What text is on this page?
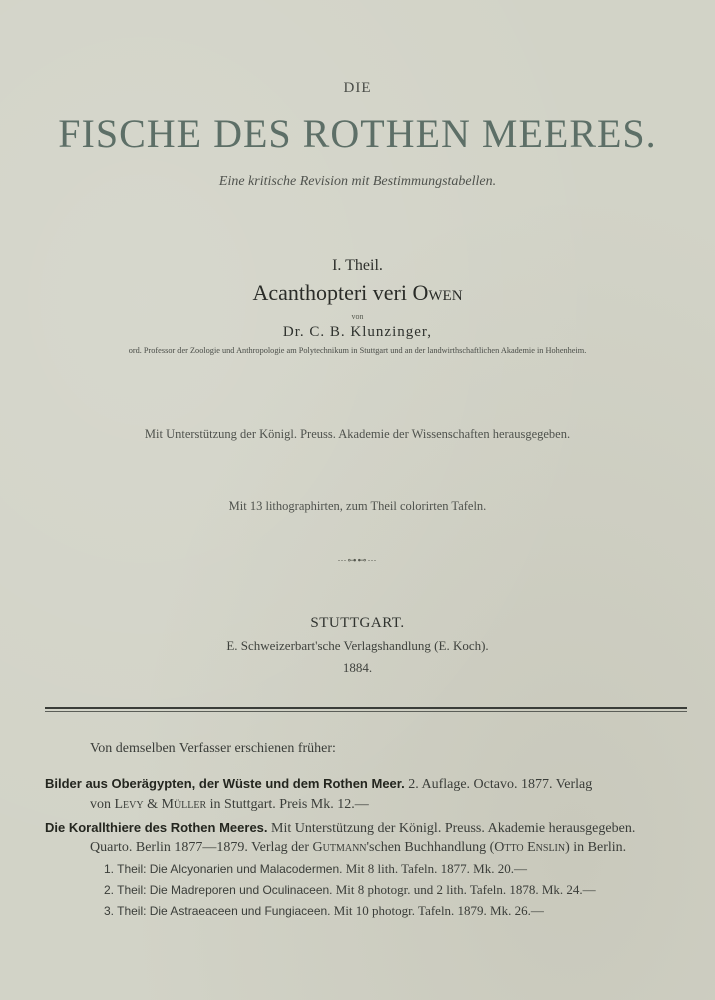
DIE
FISCHE DES ROTHEN MEERES.
Eine kritische Revision mit Bestimmungstabellen.
I. Theil.
Acanthopteri veri Owen
von
Dr. C. B. Klunzinger,
ord. Professor der Zoologie und Anthropologie am Polytechnikum in Stuttgart und an der landwirthschaftlichen Akademie in Hohenheim.
Mit Unterstützung der Königl. Preuss. Akademie der Wissenschaften herausgegeben.
Mit 13 lithographirten, zum Theil colorirten Tafeln.
⋯⊶⊷⋯
STUTTGART.
E. Schweizerbart'sche Verlagshandlung (E. Koch).
1884.
Von demselben Verfasser erschienen früher:
Bilder aus Oberägypten, der Wüste und dem Rothen Meer. 2. Auflage. Octavo. 1877. Verlag
von Levy & Müller in Stuttgart. Preis Mk. 12.—
Die Korallthiere des Rothen Meeres. Mit Unterstützung der Königl. Preuss. Akademie herausgegeben.
Quarto. Berlin 1877—1879. Verlag der Gutmann'schen Buchhandlung (Otto Enslin) in Berlin.
1. Theil: Die Alcyonarien und Malacodermen. Mit 8 lith. Tafeln. 1877. Mk. 20.—
2. Theil: Die Madreporen und Oculinaceen. Mit 8 photogr. und 2 lith. Tafeln. 1878. Mk. 24.—
3. Theil: Die Astraeaceen und Fungiaceen. Mit 10 photogr. Tafeln. 1879. Mk. 26.—
